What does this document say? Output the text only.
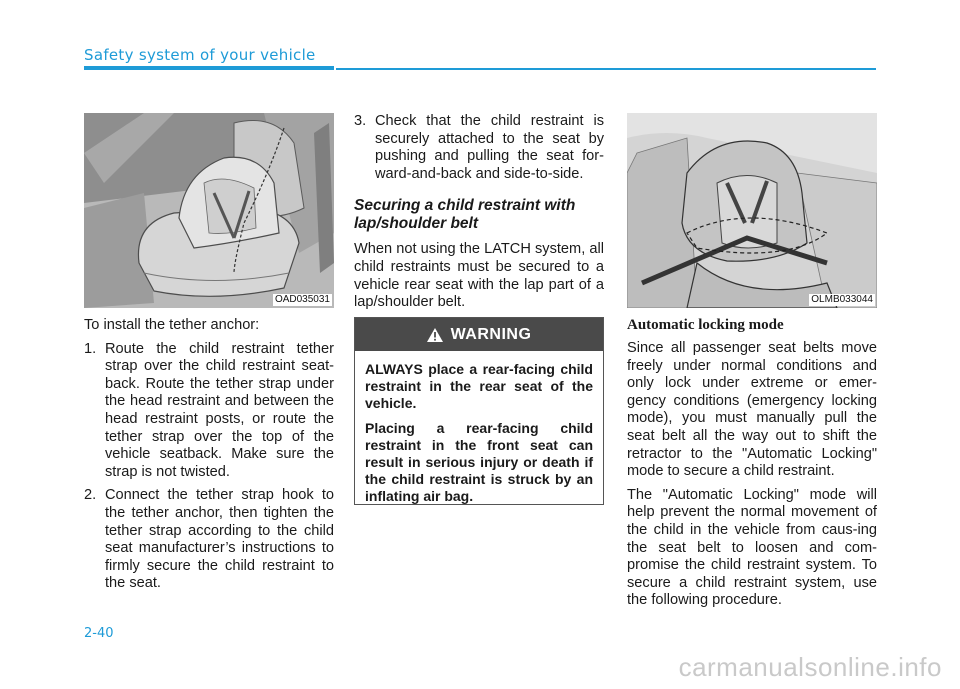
Safety system of your vehicle
OAD035031	OLMB033044

To install the tether anchor:

1. Route the child restraint tether strap over the child restraint seat-back. Route the tether strap under the head restraint and between the head restraint posts, or route the tether strap over the top of the vehicle seatback. Make sure the strap is not twisted.
2. Connect the tether strap hook to the tether anchor, then tighten the tether strap according to the child seat manufacturer’s instructions to firmly secure the child restraint to the seat.
3. Check that the child restraint is securely attached to the seat by pushing and pulling the seat for-ward-and-back and side-to-side.
Securing a child restraint with lap/shoulder belt

When not using the LATCH system, all child restraints must be secured to a vehicle rear seat with the lap part of a lap/shoulder belt.

WARNING

ALWAYS place a rear-facing child restraint in the rear seat of the vehicle.

Placing a rear-facing child restraint in the front seat can result in serious injury or death if the child restraint is struck by an inflating air bag.

Automatic locking mode

Since all passenger seat belts move freely under normal conditions and only lock under extreme or emer-gency conditions (emergency locking mode), you must manually pull the seat belt all the way out to shift the retractor to the "Automatic Locking" mode to secure a child restraint.

The "Automatic Locking" mode will help prevent the normal movement of the child in the vehicle from caus-ing the seat belt to loosen and com-promise the child restraint system. To secure a child restraint system, use the following procedure.

2-40
carmanualsonline.info
